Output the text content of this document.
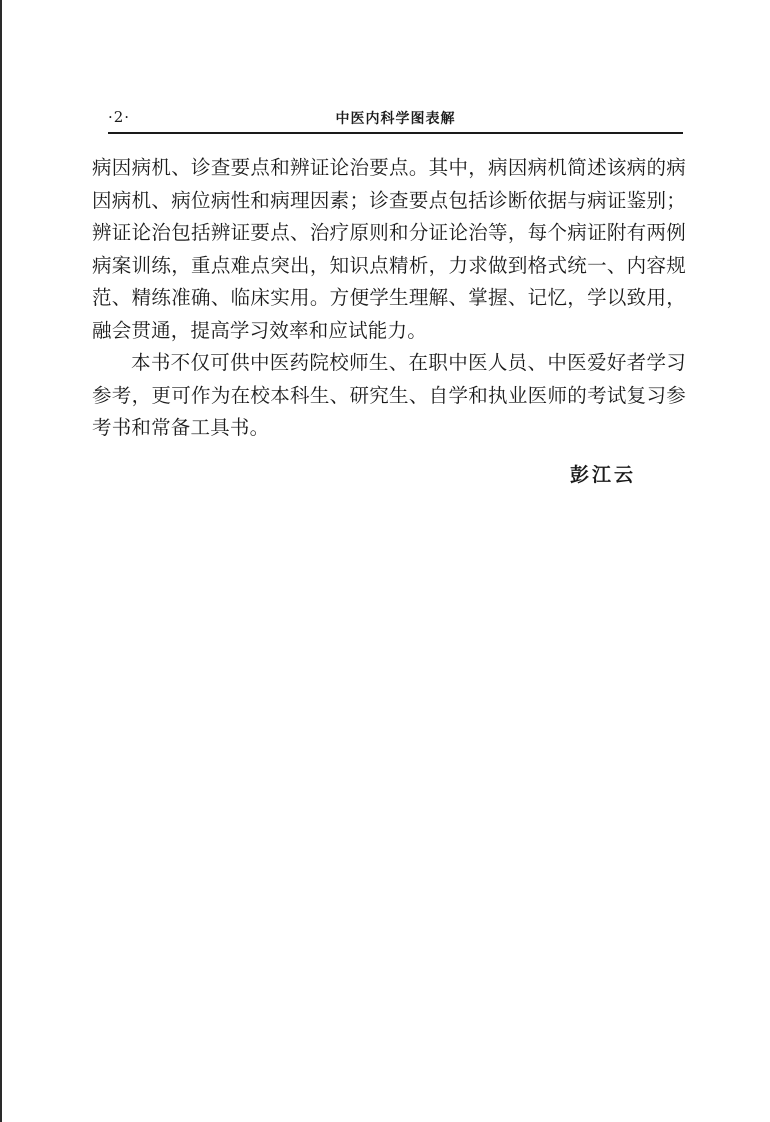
·2·	中医内科学图表解

病因病机、诊查要点和辨证论治要点。其中，病因病机简述该病的病因病机、病位病性和病理因素；诊查要点包括诊断依据与病证鉴别；辨证论治包括辨证要点、治疗原则和分证论治等，每个病证附有两例病案训练，重点难点突出，知识点精析，力求做到格式统一、内容规范、精练准确、临床实用。方便学生理解、掌握、记忆，学以致用，融会贯通，提高学习效率和应试能力。

本书不仅可供中医药院校师生、在职中医人员、中医爱好者学习参考，更可作为在校本科生、研究生、自学和执业医师的考试复习参考书和常备工具书。

彭江云
